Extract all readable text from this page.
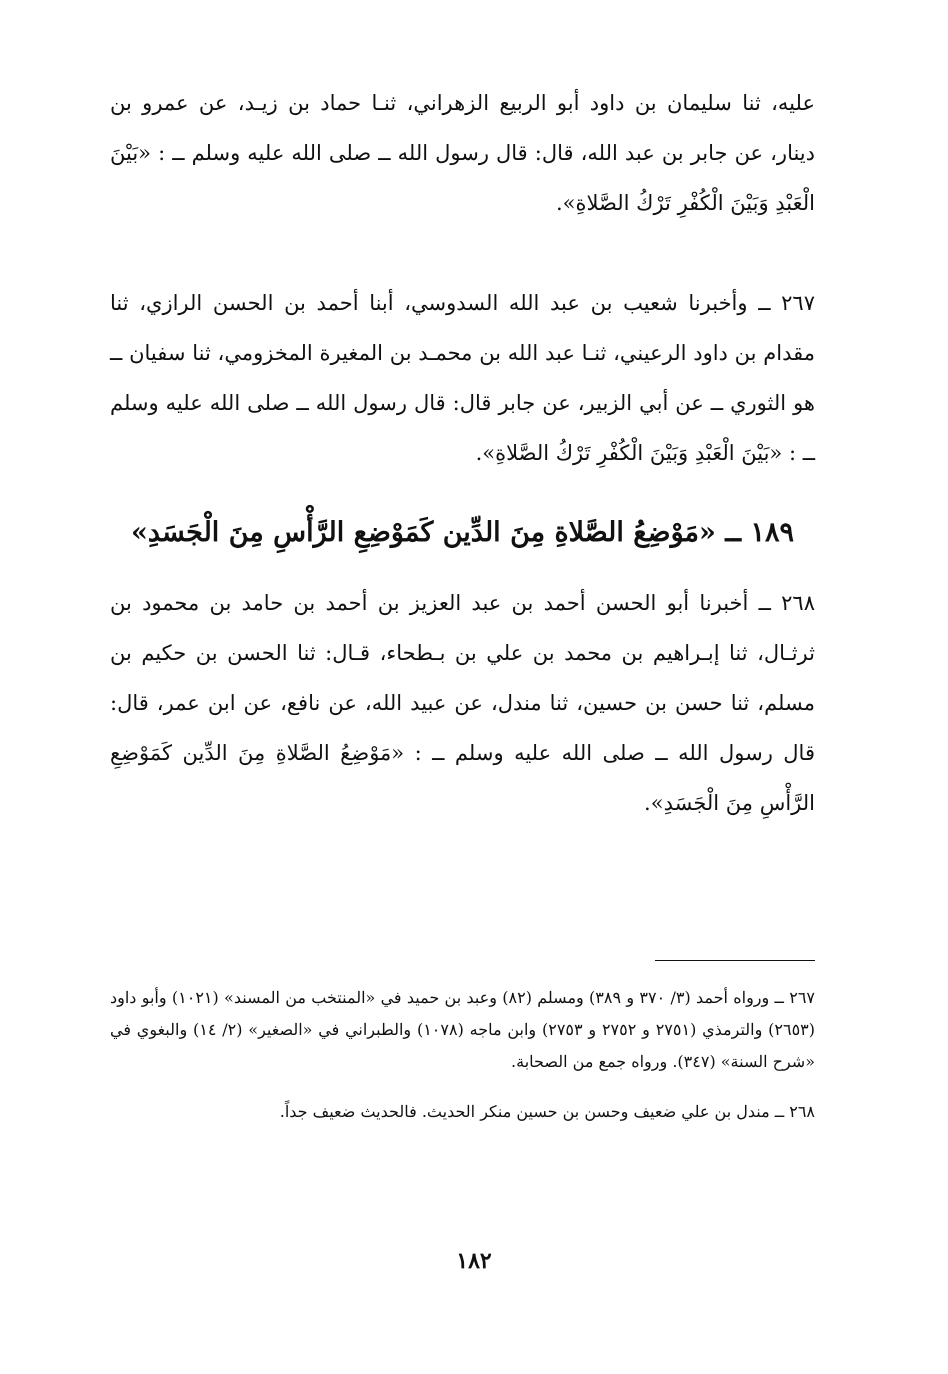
عليه، ثنا سليمان بن داود أبو الربيع الزهراني، ثنـا حماد بن زيـد، عن عمرو بن دينار، عن جابر بن عبد الله، قال: قال رسول الله ــ صلى الله عليه وسلم ــ : «بَيْنَ الْعَبْدِ وَبَيْنَ الْكُفْرِ تَرْكُ الصَّلاةِ».

٢٦٧ ــ وأخبرنا شعيب بن عبد الله السدوسي، أبنا أحمد بن الحسن الرازي، ثنا مقدام بن داود الرعيني، ثنـا عبد الله بن محمـد بن المغيرة المخزومي، ثنا سفيان ــ هو الثوري ــ عن أبي الزبير، عن جابر قال: قال رسول الله ــ صلى الله عليه وسلم ــ : «بَيْنَ الْعَبْدِ وَبَيْنَ الْكُفْرِ تَرْكُ الصَّلاةِ».

١٨٩ ــ «مَوْضِعُ الصَّلاةِ مِنَ الدِّين كَمَوْضِعِ الرَّأْسِ مِنَ الْجَسَدِ»

٢٦٨ ــ أخبرنا أبو الحسن أحمد بن عبد العزيز بن أحمد بن حامد بن محمود بن ثرثـال، ثنا إبـراهيم بن محمد بن علي بن بـطحاء، قـال: ثنا الحسن بن حكيم بن مسلم، ثنا حسن بن حسين، ثنا مندل، عن عبيد الله، عن نافع، عن ابن عمر، قال: قال رسول الله ــ صلى الله عليه وسلم ــ : «مَوْضِعُ الصَّلاةِ مِنَ الدِّين كَمَوْضِعِ الرَّأْسِ مِنَ الْجَسَدِ».

٢٦٧ ــ ورواه أحمد (٣/ ٣٧٠ و ٣٨٩) ومسلم (٨٢) وعبد بن حميد في «المنتخب من المسند» (١٠٢١) وأبو داود (٢٦٥٣) والترمذي (٢٧٥١ و ٢٧٥٢ و ٢٧٥٣) وابن ماجه (١٠٧٨) والطبراني في «الصغير» (٢/ ١٤) والبغوي في «شرح السنة» (٣٤٧). ورواه جمع من الصحابة.

٢٦٨ ــ مندل بن علي ضعيف وحسن بن حسين منكر الحديث. فالحديث ضعيف جداً.

١٨٢
